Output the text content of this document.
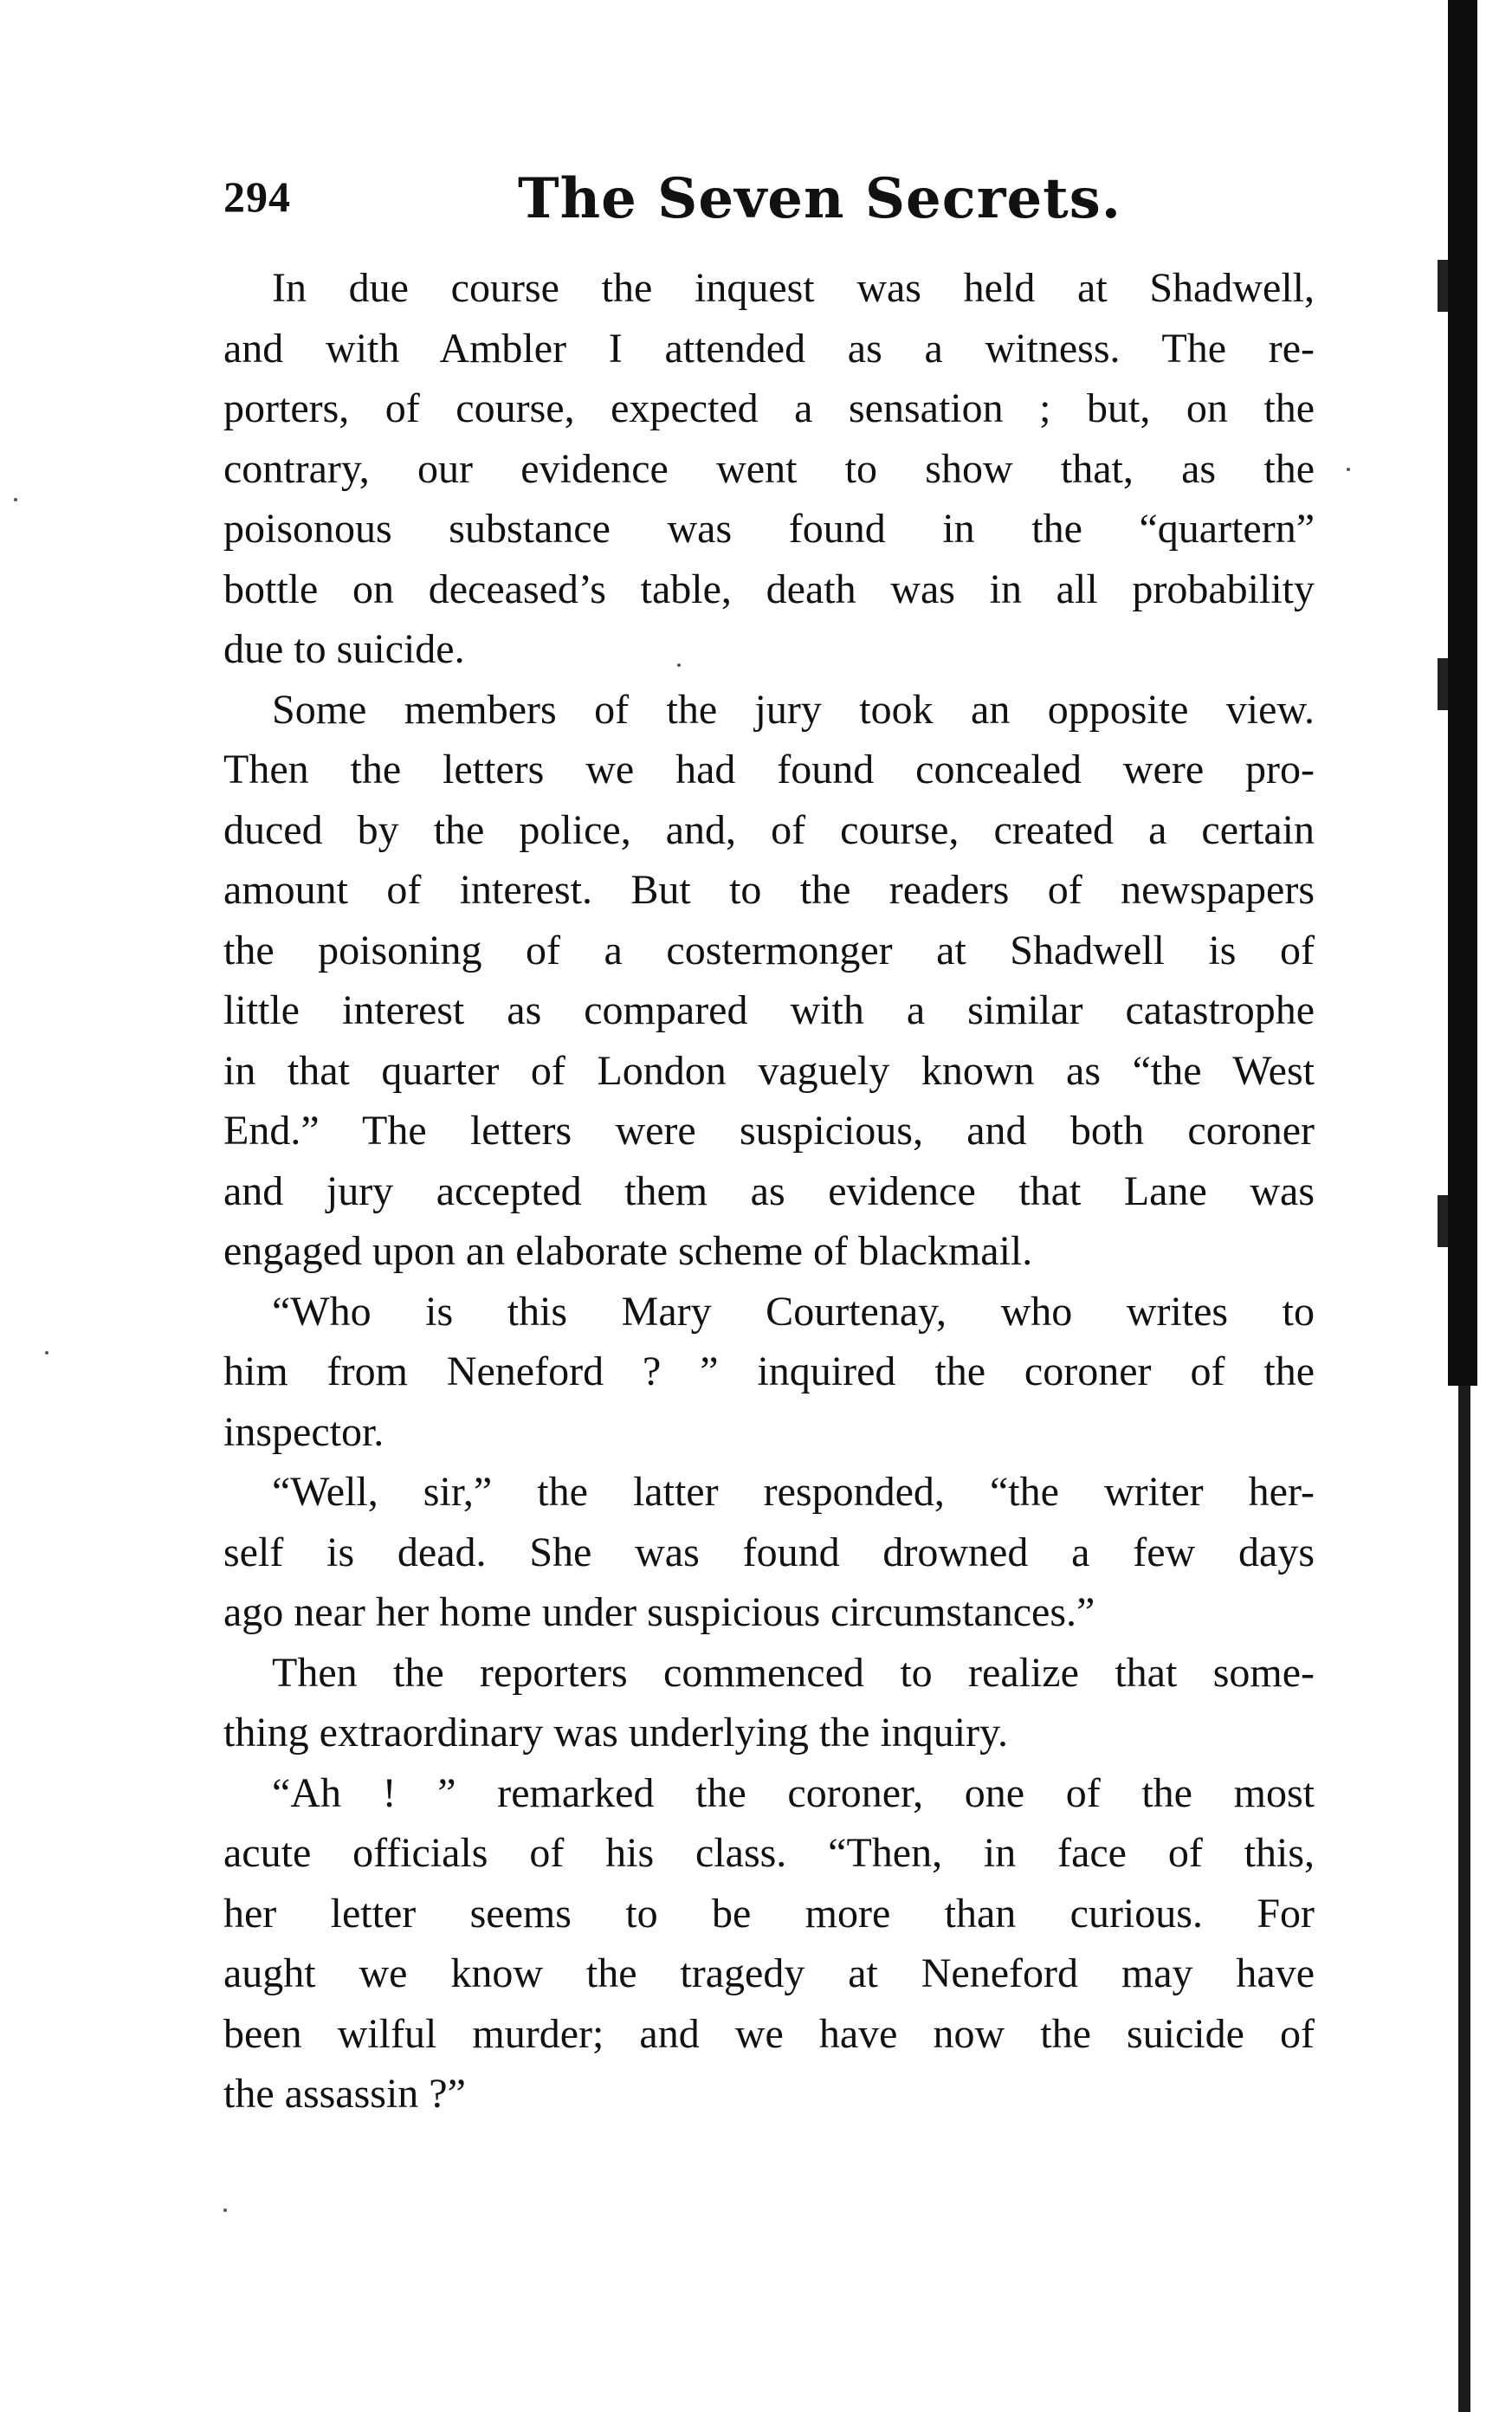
294	The Seven Secrets.
In due course the inquest was held at Shadwell,
and with Ambler I attended as a witness. The re-
porters, of course, expected a sensation ; but, on the
contrary, our evidence went to show that, as the
poisonous substance was found in the “quartern”
bottle on deceased’s table, death was in all probability
due to suicide.
Some members of the jury took an opposite view.
Then the letters we had found concealed were pro-
duced by the police, and, of course, created a certain
amount of interest. But to the readers of newspapers
the poisoning of a costermonger at Shadwell is of
little interest as compared with a similar catastrophe
in that quarter of London vaguely known as “the West
End.” The letters were suspicious, and both coroner
and jury accepted them as evidence that Lane was
engaged upon an elaborate scheme of blackmail.
“Who is this Mary Courtenay, who writes to
him from Neneford ? ” inquired the coroner of the
inspector.
“Well, sir,” the latter responded, “the writer her-
self is dead. She was found drowned a few days
ago near her home under suspicious circumstances.”
Then the reporters commenced to realize that some-
thing extraordinary was underlying the inquiry.
“Ah ! ” remarked the coroner, one of the most
acute officials of his class. “Then, in face of this,
her letter seems to be more than curious. For
aught we know the tragedy at Neneford may have
been wilful murder; and we have now the suicide of
the assassin ?”
